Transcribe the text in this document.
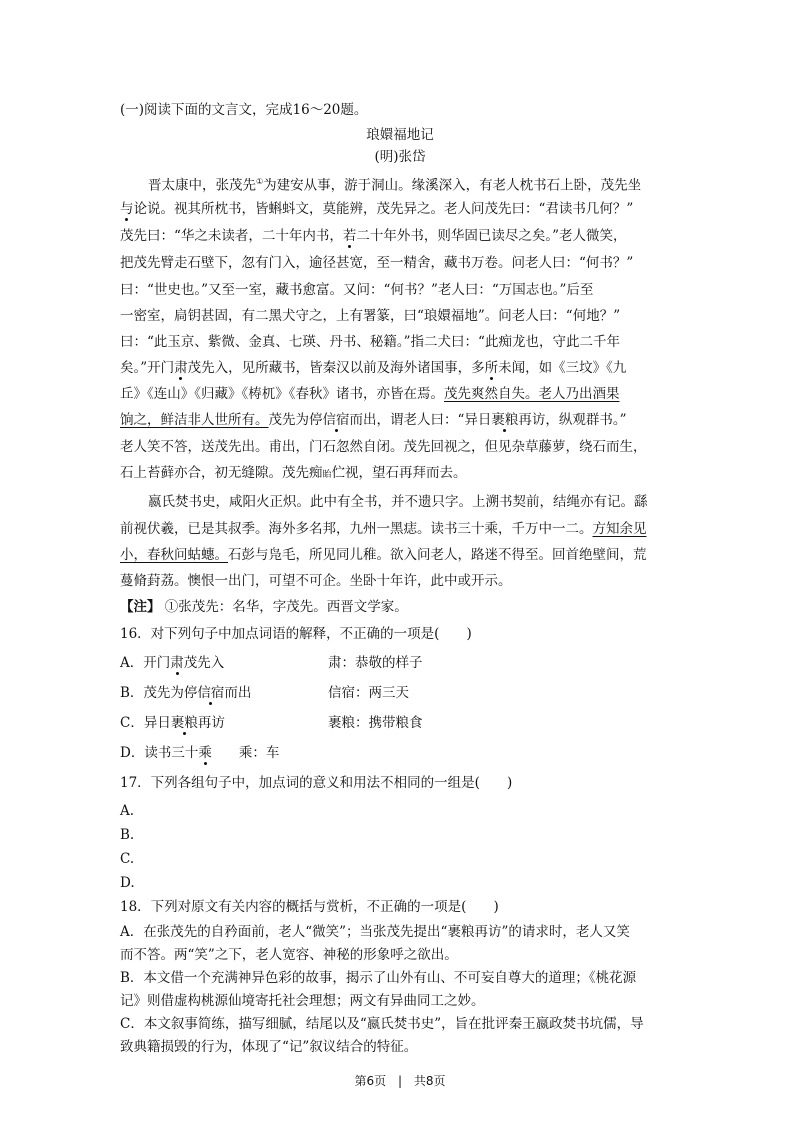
(一)阅读下面的文言文，完成16～20题。
琅嬛福地记
(明)张岱
晋太康中，张茂先①为建安从事，游于洞山。缘溪深入，有老人枕书石上卧，茂先坐
与论说。视其所枕书，皆蝌蚪文，莫能辨，茂先异之。老人问茂先曰：“君读书几何？”
茂先曰：“华之未读者，二十年内书，若二十年外书，则华固已读尽之矣。”老人微笑，
把茂先臂走石壁下，忽有门入，逾径甚宽，至一精舍，藏书万卷。问老人曰：“何书？”
曰：“世史也。”又至一室，藏书愈富。又问：“何书？”老人曰：“万国志也。”后至
一密室，扃钥甚固，有二黑犬守之，上有署篆，曰“琅嬛福地”。问老人曰：“何地？”
曰：“此玉京、紫微、金真、七瑛、丹书、秘籍。”指二犬曰：“此痴龙也，守此二千年
矣。”开门肃茂先入，见所藏书，皆秦汉以前及海外诸国事，多所未闻，如《三坟》《九
丘》《连山》《归藏》《梼杌》《春秋》诸书，亦皆在焉。茂先爽然自失。老人乃出酒果
饷之，鲜洁非人世所有。茂先为停信宿而出，谓老人曰：“异日裹粮再访，纵观群书。”
老人笑不答，送茂先出。甫出，门石忽然自闭。茂先回视之，但见杂草藤萝，绕石而生，
石上苔藓亦合，初无缝隙。茂先痴眙伫视，望石再拜而去。
嬴氏焚书史，咸阳火正炽。此中有全书，并不遗只字。上溯书契前，结绳亦有记。繇
前视伏羲，已是其叔季。海外多名邦，九州一黑痣。读书三十乘，千万中一二。方知余见
小，春秋问蛄蟪。石彭与凫毛，所见同儿稚。欲入问老人，路迷不得至。回首绝壁间，荒
蔓脩葑荔。懊恨一出门，可望不可企。坐卧十年许，此中或开示。
【注】 ①张茂先：名华，字茂先。西晋文学家。
16．对下列句子中加点词语的解释，不正确的一项是(　　)
A．开门肃茂先入	肃：恭敬的样子
B．茂先为停信宿而出	信宿：两三天
C．异日裹粮再访	裹粮：携带粮食
D．读书三十乘　　 乘：车
17．下列各组句子中，加点词的意义和用法不相同的一组是(　　)
A.
B.
C.
D.
18．下列对原文有关内容的概括与赏析，不正确的一项是(　　)
A．在张茂先的自矜面前，老人“微笑”；当张茂先提出“裹粮再访”的请求时，老人又笑
而不答。两“笑”之下，老人宽容、神秘的形象呼之欲出。
B．本文借一个充满神异色彩的故事，揭示了山外有山、不可妄自尊大的道理；《桃花源
记》则借虚构桃源仙境寄托社会理想；两文有异曲同工之妙。
C．本文叙事简练，描写细腻，结尾以及“嬴氏焚书史”，旨在批评秦王嬴政焚书坑儒，导
致典籍损毁的行为，体现了“记”叙议结合的特征。
第6页 | 共8页
